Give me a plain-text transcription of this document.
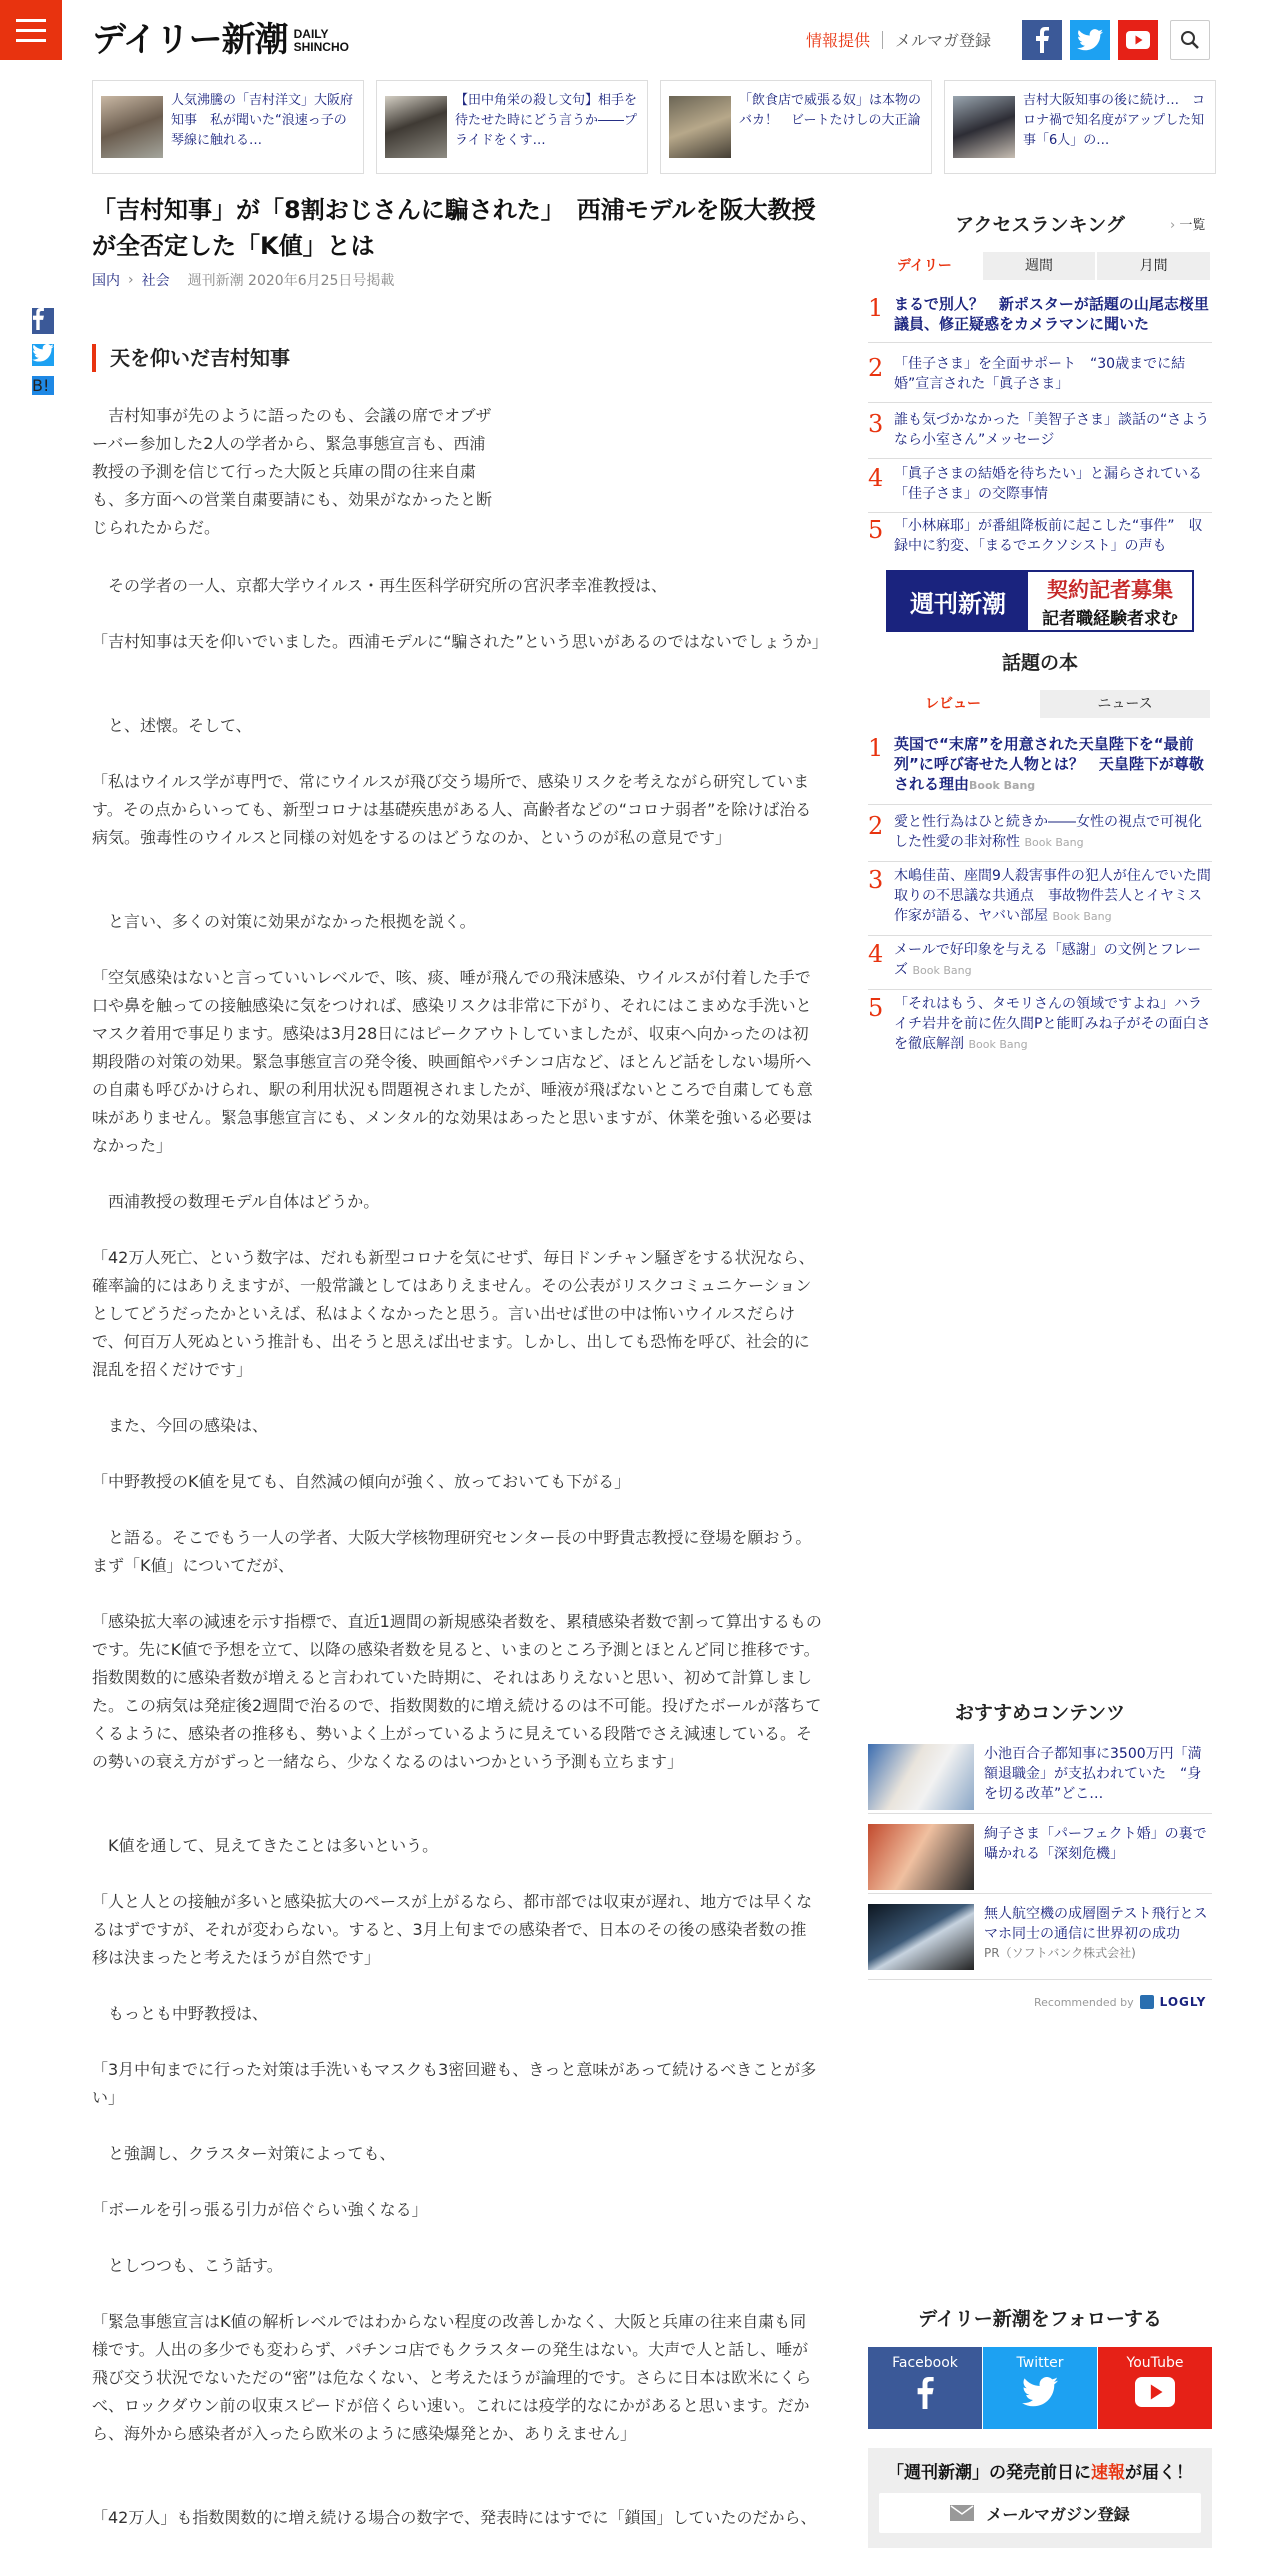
デイリー新潮 DAILY
SHINCHO	情報提供 メルマガ登録
人気沸騰の「吉村洋文」大阪府知事　私が聞いた“浪速っ子の琴線に触れる…
【田中角栄の殺し文句】相手を待たせた時にどう言うか――プライドをくす…
「飲食店で威張る奴」は本物のバカ！　ビートたけしの大正論
吉村大阪知事の後に続け…　コロナ禍で知名度がアップした知事「6人」の…
「吉村知事」が「8割おじさんに騙された」　西浦モデルを阪大教授が全否定した「K値」とは
国内 › 社会 週刊新潮 2020年6月25日号掲載
B!
天を仰いだ吉村知事

　吉村知事が先のように語ったのも、会議の席でオブザーバー参加した2人の学者から、緊急事態宣言も、西浦教授の予測を信じて行った大阪と兵庫の間の往来自粛も、多方面への営業自粛要請にも、効果がなかったと断じられたからだ。

　その学者の一人、京都大学ウイルス・再生医科学研究所の宮沢孝幸准教授は、

「吉村知事は天を仰いでいました。西浦モデルに“騙された”という思いがあるのではないでしょうか」

　と、述懐。そして、

「私はウイルス学が専門で、常にウイルスが飛び交う場所で、感染リスクを考えながら研究しています。その点からいっても、新型コロナは基礎疾患がある人、高齢者などの“コロナ弱者”を除けば治る病気。強毒性のウイルスと同様の対処をするのはどうなのか、というのが私の意見です」

　と言い、多くの対策に効果がなかった根拠を説く。

「空気感染はないと言っていいレベルで、咳、痰、唾が飛んでの飛沫感染、ウイルスが付着した手で口や鼻を触っての接触感染に気をつければ、感染リスクは非常に下がり、それにはこまめな手洗いとマスク着用で事足ります。感染は3月28日にはピークアウトしていましたが、収束へ向かったのは初期段階の対策の効果。緊急事態宣言の発令後、映画館やパチンコ店など、ほとんど話をしない場所への自粛も呼びかけられ、駅の利用状況も問題視されましたが、唾液が飛ばないところで自粛しても意味がありません。緊急事態宣言にも、メンタル的な効果はあったと思いますが、休業を強いる必要はなかった」

　西浦教授の数理モデル自体はどうか。

「42万人死亡、という数字は、だれも新型コロナを気にせず、毎日ドンチャン騒ぎをする状況なら、確率論的にはありえますが、一般常識としてはありえません。その公表がリスクコミュニケーションとしてどうだったかといえば、私はよくなかったと思う。言い出せば世の中は怖いウイルスだらけで、何百万人死ぬという推計も、出そうと思えば出せます。しかし、出しても恐怖を呼び、社会的に混乱を招くだけです」

　また、今回の感染は、

「中野教授のK値を見ても、自然減の傾向が強く、放っておいても下がる」

　と語る。そこでもう一人の学者、大阪大学核物理研究センター長の中野貴志教授に登場を願おう。まず「K値」についてだが、

「感染拡大率の減速を示す指標で、直近1週間の新規感染者数を、累積感染者数で割って算出するものです。先にK値で予想を立て、以降の感染者数を見ると、いまのところ予測とほとんど同じ推移です。指数関数的に感染者数が増えると言われていた時期に、それはありえないと思い、初めて計算しました。この病気は発症後2週間で治るので、指数関数的に増え続けるのは不可能。投げたボールが落ちてくるように、感染者の推移も、勢いよく上がっているように見えている段階でさえ減速している。その勢いの衰え方がずっと一緒なら、少なくなるのはいつかという予測も立ちます」

　K値を通して、見えてきたことは多いという。

「人と人との接触が多いと感染拡大のペースが上がるなら、都市部では収束が遅れ、地方では早くなるはずですが、それが変わらない。すると、3月上旬までの感染者で、日本のその後の感染者数の推移は決まったと考えたほうが自然です」

　もっとも中野教授は、

「3月中旬までに行った対策は手洗いもマスクも3密回避も、きっと意味があって続けるべきことが多い」

　と強調し、クラスター対策によっても、

「ボールを引っ張る引力が倍ぐらい強くなる」

　としつつも、こう話す。

「緊急事態宣言はK値の解析レベルではわからない程度の改善しかなく、大阪と兵庫の往来自粛も同様です。人出の多少でも変わらず、パチンコ店でもクラスターの発生はない。大声で人と話し、唾が飛び交う状況でないただの“密”は危なくない、と考えたほうが論理的です。さらに日本は欧米にくらべ、ロックダウン前の収束スピードが倍くらい速い。これには疫学的なにかがあると思います。だから、海外から感染者が入ったら欧米のように感染爆発とか、ありえません」

「42万人」も指数関数的に増え続ける場合の数字で、発表時にはすでに「鎖国」していたのだから、

アクセスランキング	› 一覧
デイリー	週間	月間
1 まるで別人？　新ポスターが話題の山尾志桜里議員、修正疑惑をカメラマンに聞いた
2 「佳子さま」を全面サポート　“30歳までに結婚”宣言された「眞子さま」
3 誰も気づかなかった「美智子さま」談話の“さようなら小室さん”メッセージ
4 「眞子さまの結婚を待ちたい」と漏らされている「佳子さま」の交際事情
5 「小林麻耶」が番組降板前に起こした“事件”　収録中に豹変、「まるでエクソシスト」の声も
週刊新潮	契約記者募集
記者職経験者求む
話題の本
レビュー	ニュース
1 英国で“末席”を用意された天皇陛下を“最前列”に呼び寄せた人物とは？　天皇陛下が尊敬される理由Book Bang
2 愛と性行為はひと続きか――女性の視点で可視化した性愛の非対称性 Book Bang
3 木嶋佳苗、座間9人殺害事件の犯人が住んでいた間取りの不思議な共通点　事故物件芸人とイヤミス作家が語る、ヤバい部屋 Book Bang
4 メールで好印象を与える「感謝」の文例とフレーズ Book Bang
5 「それはもう、タモリさんの領域ですよね」ハライチ岩井を前に佐久間Pと能町みね子がその面白さを徹底解剖 Book Bang
おすすめコンテンツ
小池百合子都知事に3500万円「満額退職金」が支払われていた　“身を切る改革”どこ…
絢子さま「パーフェクト婚」の裏で囁かれる「深刻危機」
無人航空機の成層圏テスト飛行とスマホ同士の通信に世界初の成功
PR（ソフトバンク株式会社)
Recommended by LOGLY
デイリー新潮をフォローする
Facebook	Twitter	YouTube
「週刊新潮」の発売前日に速報が届く！
メールマガジン登録
